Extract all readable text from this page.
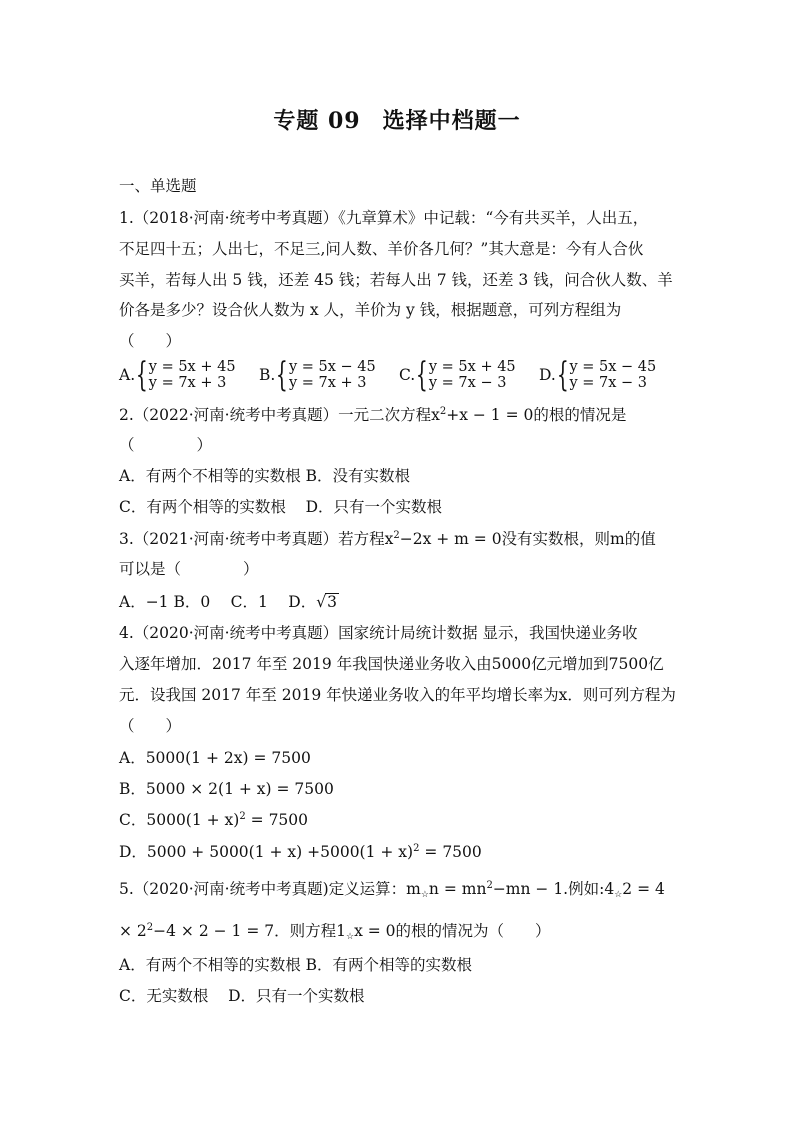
专题 09 选择中档题一
一、单选题
1.（2018·河南·统考中考真题）《九章算术》中记载：“今有共买羊，人出五，
不足四十五；人出七，不足三,问人数、羊价各几何？”其大意是：今有人合伙
买羊，若每人出 5 钱，还差 45 钱；若每人出 7 钱，还差 3 钱，问合伙人数、羊
价各是多少？设合伙人数为 x 人，羊价为 y 钱，根据题意，可列方程组为
（　　）
A. { y = 5x + 45
y = 7x + 3	B. { y = 5x − 45
y = 7x + 3	C. { y = 5x + 45
y = 7x − 3	D. { y = 5x − 45
y = 7x − 3
2.（2022·河南·统考中考真题）一元二次方程$x^2+x - 1 = 0$的根的情况是
（　　　　）
A．有两个不相等的实数根 B．没有实数根
C．有两个相等的实数根 D．只有一个实数根
3.（2021·河南·统考中考真题）若方程$x^2-2x + m = 0$没有实数根，则m的值
可以是（　　　　）
A．−1 B．0　 C．1　 D．√3
4.（2020·河南·统考中考真题）国家统计局统计数据 显示，我国快递业务收
入逐年增加．2017 年至 2019 年我国快递业务收入由5000亿元增加到7500亿
元．设我国 2017 年至 2019 年快递业务收入的年平均增长率为x．则可列方程为
（　　）
A．5000(1 + 2x) = 7500
B．5000 × 2(1 + x) = 7500
C．$5000(1 + x)^2 = 7500$
D．$5000 + 5000(1 + x) +5000(1 + x)^2 = 7500$
5.（2020·河南·统考中考真题)定义运算：$m_☆n = mn^2-mn - 1$.例如$:4_☆2 = 4$
× $2^2-4 \times 2 - 1 = 7$．则方程$1_☆x = 0$的根的情况为（　　）
A．有两个不相等的实数根 B．有两个相等的实数根
C．无实数根 D．只有一个实数根
